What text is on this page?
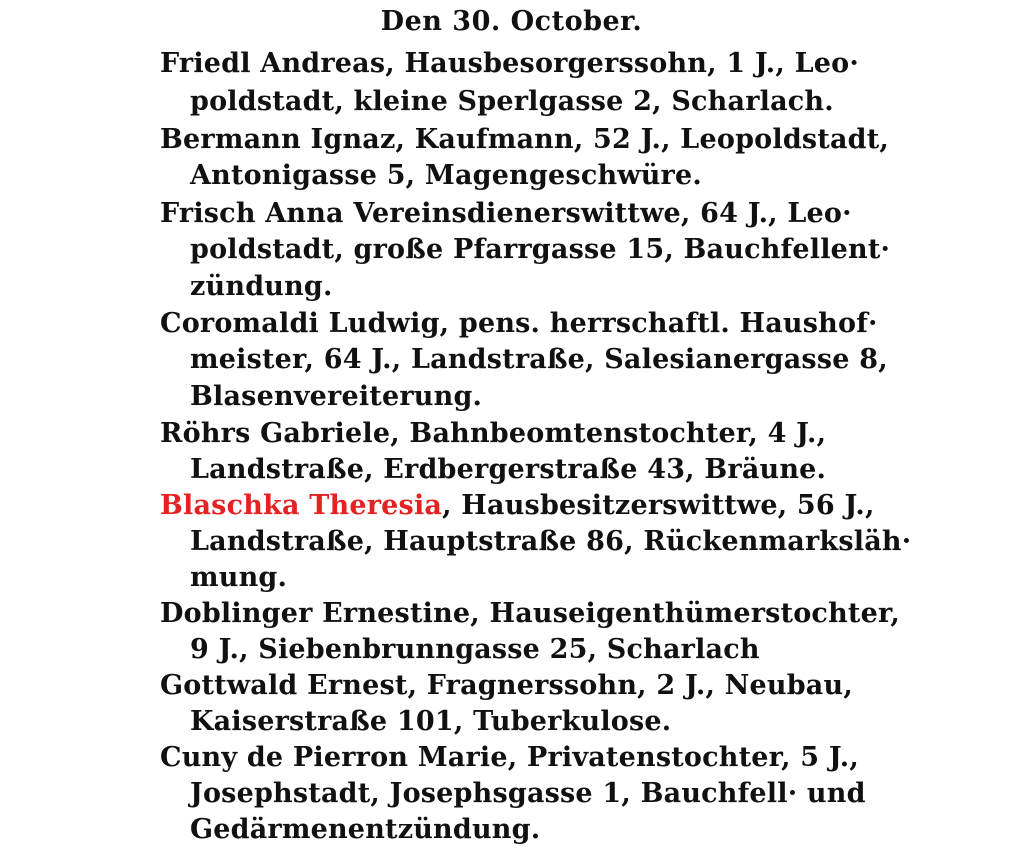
Den 30. October.
Friedl Andreas, Hausbesorgerssohn, 1 J., Leo·
poldstadt, kleine Sperlgasse 2, Scharlach.
Bermann Ignaz, Kaufmann, 52 J., Leopoldstadt,
Antonigasse 5, Magengeschwüre.
Frisch Anna Vereinsdienerswittwe, 64 J., Leo·
poldstadt, große Pfarrgasse 15, Bauchfellent·
zündung.
Coromaldi Ludwig, pens. herrschaftl. Haushof·
meister, 64 J., Landstraße, Salesianergasse 8,
Blasenvereiterung.
Röhrs Gabriele, Bahnbeomtenstochter, 4 J.,
Landstraße, Erdbergerstraße 43, Bräune.
Blaschka Theresia, Hausbesitzerswittwe, 56 J.,
Landstraße, Hauptstraße 86, Rückenmarksläh·
mung.
Doblinger Ernestine, Hauseigenthümerstochter,
9 J., Siebenbrunngasse 25, Scharlach
Gottwald Ernest, Fragnerssohn, 2 J., Neubau,
Kaiserstraße 101, Tuberkulose.
Cuny de Pierron Marie, Privatenstochter, 5 J.,
Josephstadt, Josephsgasse 1, Bauchfell· und
Gedärmenentzündung.
